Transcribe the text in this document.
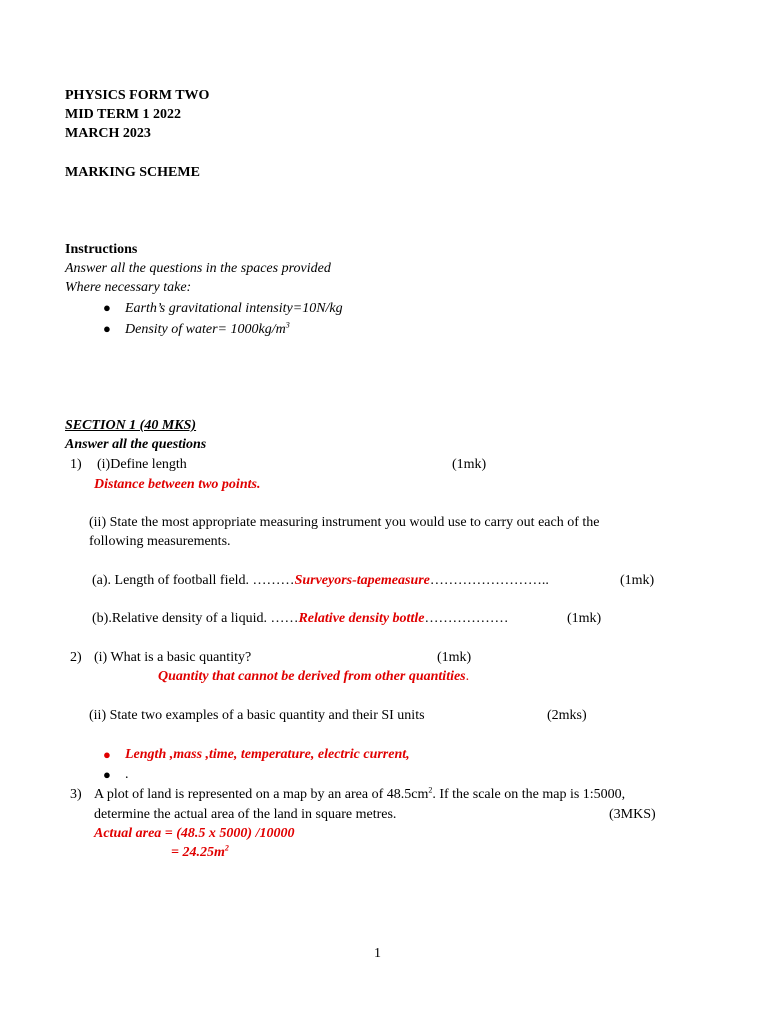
PHYSICS FORM TWO
MID TERM 1 2022
MARCH 2023
MARKING SCHEME
Instructions
Answer all the questions in the spaces provided
Where necessary take:
● Earth’s gravitational intensity=10N/kg
● Density of water= $1000kg/m^3$
SECTION 1 (40 MKS)
Answer all the questions
1) (i)Define length	(1mk)
Distance between two points.
(ii) State the most appropriate measuring instrument you would use to carry out each of the
following measurements.
(a). Length of football field. ………Surveyors-tapemeasure……………………..	(1mk)
(b).Relative density of a liquid. ……Relative density bottle………………	(1mk)
2) (i) What is a basic quantity?	(1mk)
Quantity that cannot be derived from other quantities.
(ii) State two examples of a basic quantity and their SI units	(2mks)
● Length ,mass ,time, temperature, electric current,
● .
3) A plot of land is represented on a map by an area of $48.5cm^2$. If the scale on the map is 1:5000,
determine the actual area of the land in square metres.	(3MKS)
Actual area = (48.5 x 5000) /10000
= $24.25m^2$
1
